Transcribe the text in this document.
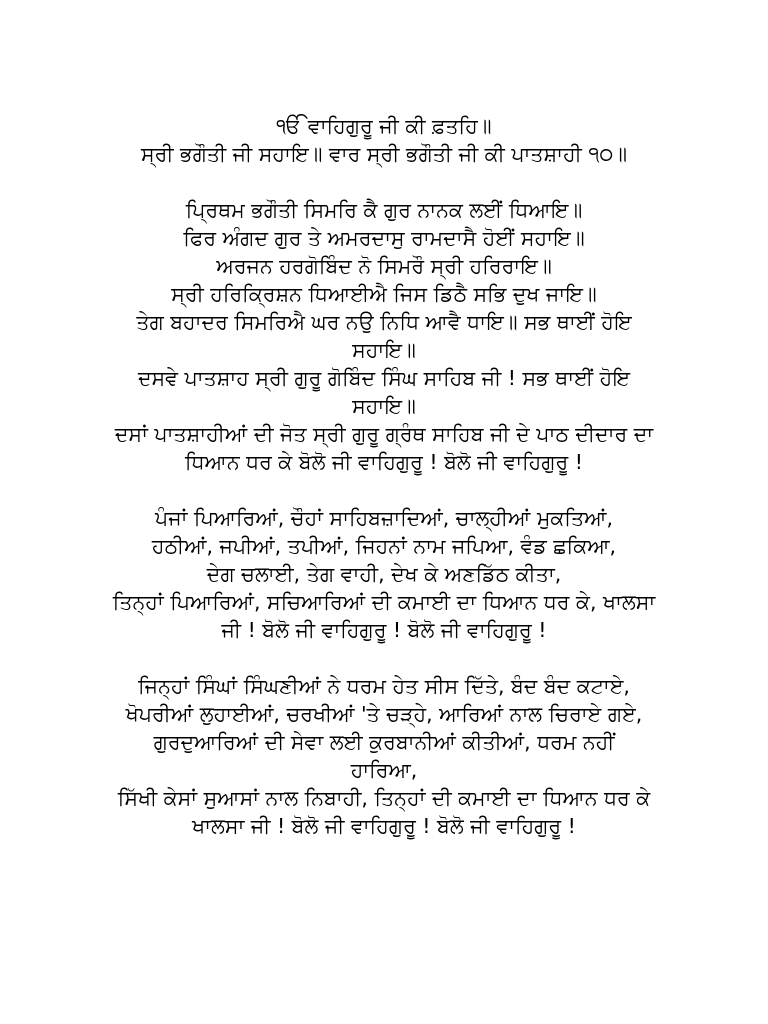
ੴ ਵਾਹਿਗੁਰੂ ਜੀ ਕੀ ਫ਼ਤਹਿ॥
ਸ੍ਰੀ ਭਗੌਤੀ ਜੀ ਸਹਾਇ॥ ਵਾਰ ਸ੍ਰੀ ਭਗੌਤੀ ਜੀ ਕੀ ਪਾਤਸ਼ਾਹੀ ੧੦॥
ਪ੍ਰਿਥਮ ਭਗੌਤੀ ਸਿਮਰਿ ਕੈ ਗੁਰ ਨਾਨਕ ਲਈਂ ਧਿਆਇ॥
ਫਿਰ ਅੰਗਦ ਗੁਰ ਤੇ ਅਮਰਦਾਸੁ ਰਾਮਦਾਸੈ ਹੋਈਂ ਸਹਾਇ॥
ਅਰਜਨ ਹਰਗੋਬਿੰਦ ਨੋ ਸਿਮਰੌ ਸ੍ਰੀ ਹਰਿਰਾਇ॥
ਸ੍ਰੀ ਹਰਿਕ੍ਰਿਸ਼ਨ ਧਿਆਈਐ ਜਿਸ ਡਿਠੈ ਸਭਿ ਦੁਖ ਜਾਇ॥
ਤੇਗ ਬਹਾਦਰ ਸਿਮਰਿਐ ਘਰ ਨਉ ਨਿਧਿ ਆਵੈ ਧਾਇ॥ ਸਭ ਥਾਈਂ ਹੋਇ
ਸਹਾਇ॥
ਦਸਵੇ ਪਾਤਸ਼ਾਹ ਸ੍ਰੀ ਗੁਰੂ ਗੋਬਿੰਦ ਸਿੰਘ ਸਾਹਿਬ ਜੀ ! ਸਭ ਥਾਈਂ ਹੋਇ
ਸਹਾਇ॥
ਦਸਾਂ ਪਾਤਸ਼ਾਹੀਆਂ ਦੀ ਜੋਤ ਸ੍ਰੀ ਗੁਰੂ ਗ੍ਰੰਥ ਸਾਹਿਬ ਜੀ ਦੇ ਪਾਠ ਦੀਦਾਰ ਦਾ
ਧਿਆਨ ਧਰ ਕੇ ਬੋਲੋ ਜੀ ਵਾਹਿਗੁਰੂ ! ਬੋਲੋ ਜੀ ਵਾਹਿਗੁਰੂ !
ਪੰਜਾਂ ਪਿਆਰਿਆਂ, ਚੌਹਾਂ ਸਾਹਿਬਜ਼ਾਦਿਆਂ, ਚਾਲ੍ਹੀਆਂ ਮੁਕਤਿਆਂ,
ਹਠੀਆਂ, ਜਪੀਆਂ, ਤਪੀਆਂ, ਜਿਹਨਾਂ ਨਾਮ ਜਪਿਆ, ਵੰਡ ਛਕਿਆ,
ਦੇਗ ਚਲਾਈ, ਤੇਗ ਵਾਹੀ, ਦੇਖ ਕੇ ਅਣਡਿੱਠ ਕੀਤਾ,
ਤਿਨ੍ਹਾਂ ਪਿਆਰਿਆਂ, ਸਚਿਆਰਿਆਂ ਦੀ ਕਮਾਈ ਦਾ ਧਿਆਨ ਧਰ ਕੇ, ਖਾਲਸਾ
ਜੀ ! ਬੋਲੋ ਜੀ ਵਾਹਿਗੁਰੂ ! ਬੋਲੋ ਜੀ ਵਾਹਿਗੁਰੂ !
ਜਿਨ੍ਹਾਂ ਸਿੰਘਾਂ ਸਿੰਘਣੀਆਂ ਨੇ ਧਰਮ ਹੇਤ ਸੀਸ ਦਿੱਤੇ, ਬੰਦ ਬੰਦ ਕਟਾਏ,
ਖੋਪਰੀਆਂ ਲੁਹਾਈਆਂ, ਚਰਖੀਆਂ 'ਤੇ ਚੜ੍ਹੇ, ਆਰਿਆਂ ਨਾਲ ਚਿਰਾਏ ਗਏ,
ਗੁਰਦੁਆਰਿਆਂ ਦੀ ਸੇਵਾ ਲਈ ਕੁਰਬਾਨੀਆਂ ਕੀਤੀਆਂ, ਧਰਮ ਨਹੀਂ
ਹਾਰਿਆ,
ਸਿੱਖੀ ਕੇਸਾਂ ਸੁਆਸਾਂ ਨਾਲ ਨਿਬਾਹੀ, ਤਿਨ੍ਹਾਂ ਦੀ ਕਮਾਈ ਦਾ ਧਿਆਨ ਧਰ ਕੇ
ਖਾਲਸਾ ਜੀ ! ਬੋਲੋ ਜੀ ਵਾਹਿਗੁਰੂ ! ਬੋਲੋ ਜੀ ਵਾਹਿਗੁਰੂ !
